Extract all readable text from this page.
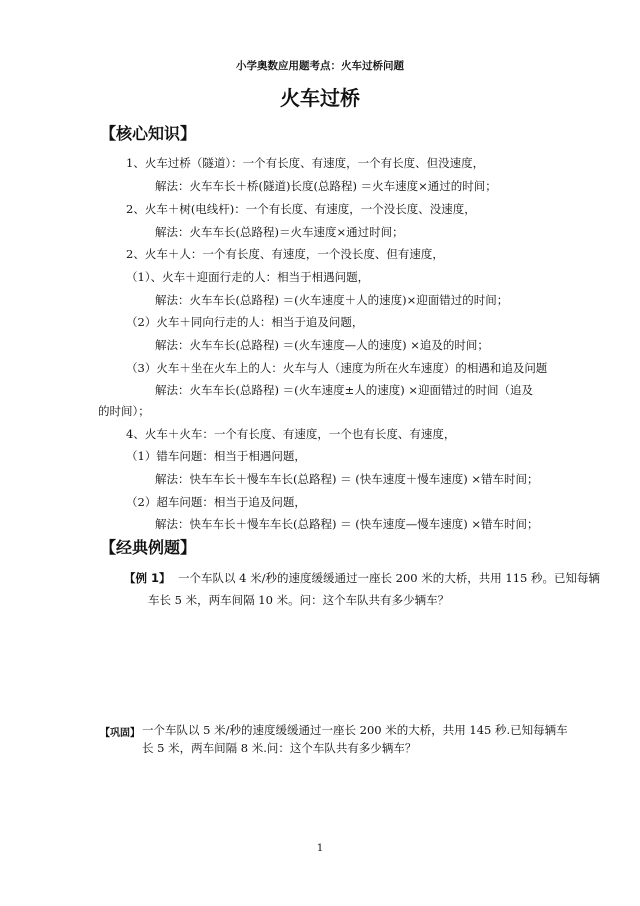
小学奥数应用题考点：火车过桥问题
火车过桥
【核心知识】
1、火车过桥（隧道）：一个有长度、有速度，一个有长度、但没速度，
解法：火车车长＋桥(隧道)长度(总路程) ＝火车速度×通过的时间；
2、火车＋树(电线杆)：一个有长度、有速度，一个没长度、没速度，
解法：火车车长(总路程)＝火车速度×通过时间；
2、火车＋人：一个有长度、有速度，一个没长度、但有速度，
（1）、火车＋迎面行走的人：相当于相遇问题，
解法：火车车长(总路程) ＝(火车速度＋人的速度)×迎面错过的时间；
（2）火车＋同向行走的人：相当于追及问题，
解法：火车车长(总路程) ＝(火车速度—人的速度) ×追及的时间；
（3）火车＋坐在火车上的人：火车与人（速度为所在火车速度）的相遇和追及问题
解法：火车车长(总路程) ＝(火车速度±人的速度) ×迎面错过的时间（追及
的时间）；
4、火车＋火车：一个有长度、有速度，一个也有长度、有速度，
（1）错车问题：相当于相遇问题，
解法：快车车长＋慢车车长(总路程) ＝ (快车速度＋慢车速度) ×错车时间；
（2）超车问题：相当于追及问题，
解法：快车车长＋慢车车长(总路程) ＝ (快车速度—慢车速度) ×错车时间；
【经典例题】
【例 1】 一个车队以 4 米/秒的速度缓缓通过一座长 200 米的大桥，共用 115 秒。已知每辆
车长 5 米，两车间隔 10 米。问：这个车队共有多少辆车？
【巩固】 一个车队以 5 米/秒的速度缓缓通过一座长 200 米的大桥，共用 145 秒.已知每辆车
长 5 米，两车间隔 8 米.问：这个车队共有多少辆车？
1
